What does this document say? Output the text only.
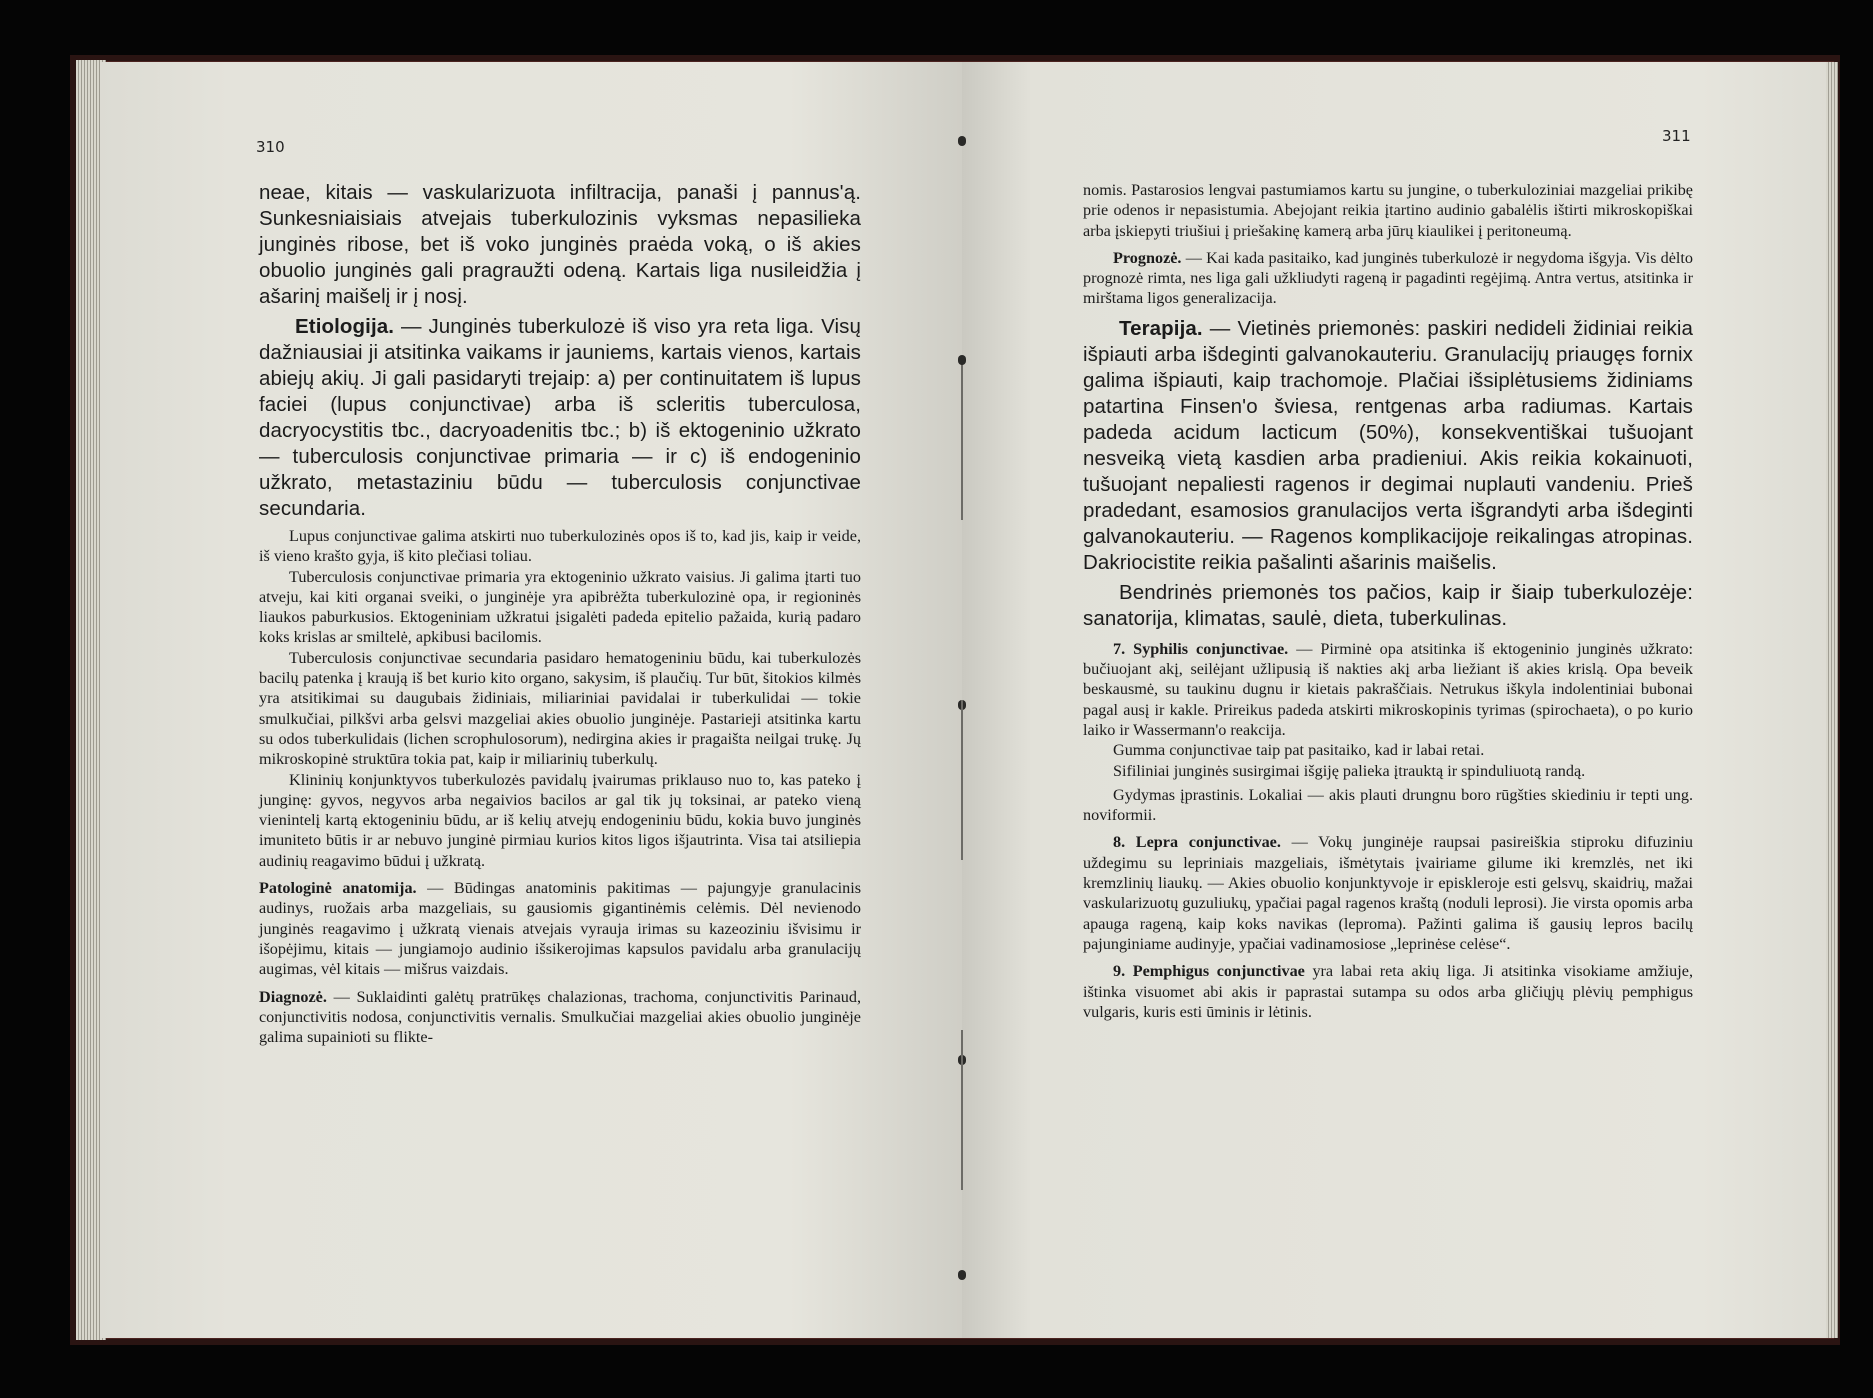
310
311

neae, kitais — vaskularizuota infiltracija, panaši į pannus'ą. Sunkesniaisiais atvejais tuberkulozinis vyksmas nepasilieka junginės ribose, bet iš voko junginės praėda voką, o iš akies obuolio junginės gali pragraužti odeną. Kartais liga nusileidžia į ašarinį maišelį ir į nosį.

Etiologija. — Junginės tuberkulozė iš viso yra reta liga. Visų dažniausiai ji atsitinka vaikams ir jauniems, kartais vienos, kartais abiejų akių. Ji gali pasidaryti trejaip: a) per continuitatem iš lupus faciei (lupus conjunctivae) arba iš scleritis tuberculosa, dacryocystitis tbc., dacryoadenitis tbc.; b) iš ektogeninio užkrato — tuberculosis conjunctivae primaria — ir c) iš endogeninio užkrato, metastaziniu būdu — tuberculosis conjunctivae secundaria.

Lupus conjunctivae galima atskirti nuo tuberkulozinės opos iš to, kad jis, kaip ir veide, iš vieno krašto gyja, iš kito plečiasi toliau.

Tuberculosis conjunctivae primaria yra ektogeninio užkrato vaisius. Ji galima įtarti tuo atveju, kai kiti organai sveiki, o junginėje yra apibrėžta tuberkulozinė opa, ir regioninės liaukos paburkusios. Ektogeniniam užkratui įsigalėti padeda epitelio pažaida, kurią padaro koks krislas ar smiltelė, apkibusi bacilomis.

Tuberculosis conjunctivae secundaria pasidaro hematogeniniu būdu, kai tuberkulozės bacilų patenka į kraują iš bet kurio kito organo, sakysim, iš plaučių. Tur būt, šitokios kilmės yra atsitikimai su daugubais židiniais, miliariniai pavidalai ir tuberkulidai — tokie smulkučiai, pilkšvi arba gelsvi mazgeliai akies obuolio junginėje. Pastarieji atsitinka kartu su odos tuberkulidais (lichen scrophulosorum), nedirgina akies ir pragaišta neilgai trukę. Jų mikroskopinė struktūra tokia pat, kaip ir miliarinių tuberkulų.

Klininių konjunktyvos tuberkulozės pavidalų įvairumas priklauso nuo to, kas pateko į junginę: gyvos, negyvos arba negaivios bacilos ar gal tik jų toksinai, ar pateko vieną vienintelį kartą ektogeniniu būdu, ar iš kelių atvejų endogeniniu būdu, kokia buvo junginės imuniteto būtis ir ar nebuvo junginė pirmiau kurios kitos ligos išjautrinta. Visa tai atsiliepia audinių reagavimo būdui į užkratą.

Patologinė anatomija. — Būdingas anatominis pakitimas — pajungyje granulacinis audinys, ruožais arba mazgeliais, su gausiomis gigantinėmis celėmis. Dėl nevienodo junginės reagavimo į užkratą vienais atvejais vyrauja irimas su kazeoziniu išvisimu ir išopėjimu, kitais — jungiamojo audinio išsikerojimas kapsulos pavidalu arba granulacijų augimas, vėl kitais — mišrus vaizdais.

Diagnozė. — Suklaidinti galėtų pratrūkęs chalazionas, trachoma, conjunctivitis Parinaud, conjunctivitis nodosa, conjunctivitis vernalis. Smulkučiai mazgeliai akies obuolio junginėje galima supainioti su flikte-

nomis. Pastarosios lengvai pastumiamos kartu su jungine, o tuberkuloziniai mazgeliai prikibę prie odenos ir nepasistumia. Abejojant reikia įtartino audinio gabalėlis ištirti mikroskopiškai arba įskiepyti triušiui į priešakinę kamerą arba jūrų kiaulikei į peritoneumą.

Prognozė. — Kai kada pasitaiko, kad junginės tuberkulozė ir negydoma išgyja. Vis dėlto prognozė rimta, nes liga gali užkliudyti rageną ir pagadinti regėjimą. Antra vertus, atsitinka ir mirštama ligos generalizacija.

Terapija. — Vietinės priemonės: paskiri nedideli židiniai reikia išpiauti arba išdeginti galvanokauteriu. Granulacijų priaugęs fornix galima išpiauti, kaip trachomoje. Plačiai išsiplėtusiems židiniams patartina Finsen'o šviesa, rentgenas arba radiumas. Kartais padeda acidum lacticum (50%), konsekventiškai tušuojant nesveiką vietą kasdien arba pradieniui. Akis reikia kokainuoti, tušuojant nepaliesti ragenos ir degimai nuplauti vandeniu. Prieš pradedant, esamosios granulacijos verta išgrandyti arba išdeginti galvanokauteriu. — Ragenos komplikacijoje reikalingas atropinas. Dakriocistite reikia pašalinti ašarinis maišelis.

Bendrinės priemonės tos pačios, kaip ir šiaip tuberkulozėje: sanatorija, klimatas, saulė, dieta, tuberkulinas.

7. Syphilis conjunctivae. — Pirminė opa atsitinka iš ektogeninio junginės užkrato: bučiuojant akį, seilėjant užlipusią iš nakties akį arba liežiant iš akies krislą. Opa beveik beskausmė, su taukinu dugnu ir kietais pakraščiais. Netrukus iškyla indolentiniai bubonai pagal ausį ir kakle. Prireikus padeda atskirti mikroskopinis tyrimas (spirochaeta), o po kurio laiko ir Wassermann'o reakcija.

Gumma conjunctivae taip pat pasitaiko, kad ir labai retai.

Sifiliniai junginės susirgimai išgiję palieka įtrauktą ir spinduliuotą randą.

Gydymas įprastinis. Lokaliai — akis plauti drungnu boro rūgšties skiediniu ir tepti ung. noviformii.

8. Lepra conjunctivae. — Vokų junginėje raupsai pasireiškia stiproku difuziniu uždegimu su lepriniais mazgeliais, išmėtytais įvairiame gilume iki kremzlės, net iki kremzlinių liaukų. — Akies obuolio konjunktyvoje ir episkleroje esti gelsvų, skaidrių, mažai vaskularizuotų guzuliukų, ypačiai pagal ragenos kraštą (noduli leprosi). Jie virsta opomis arba apauga rageną, kaip koks navikas (leproma). Pažinti galima iš gausių lepros bacilų pajunginiame audinyje, ypačiai vadinamosiose „leprinėse celėse“.

9. Pemphigus conjunctivae yra labai reta akių liga. Ji atsitinka visokiame amžiuje, ištinka visuomet abi akis ir paprastai sutampa su odos arba gličiųjų plėvių pemphigus vulgaris, kuris esti ūminis ir lėtinis.
